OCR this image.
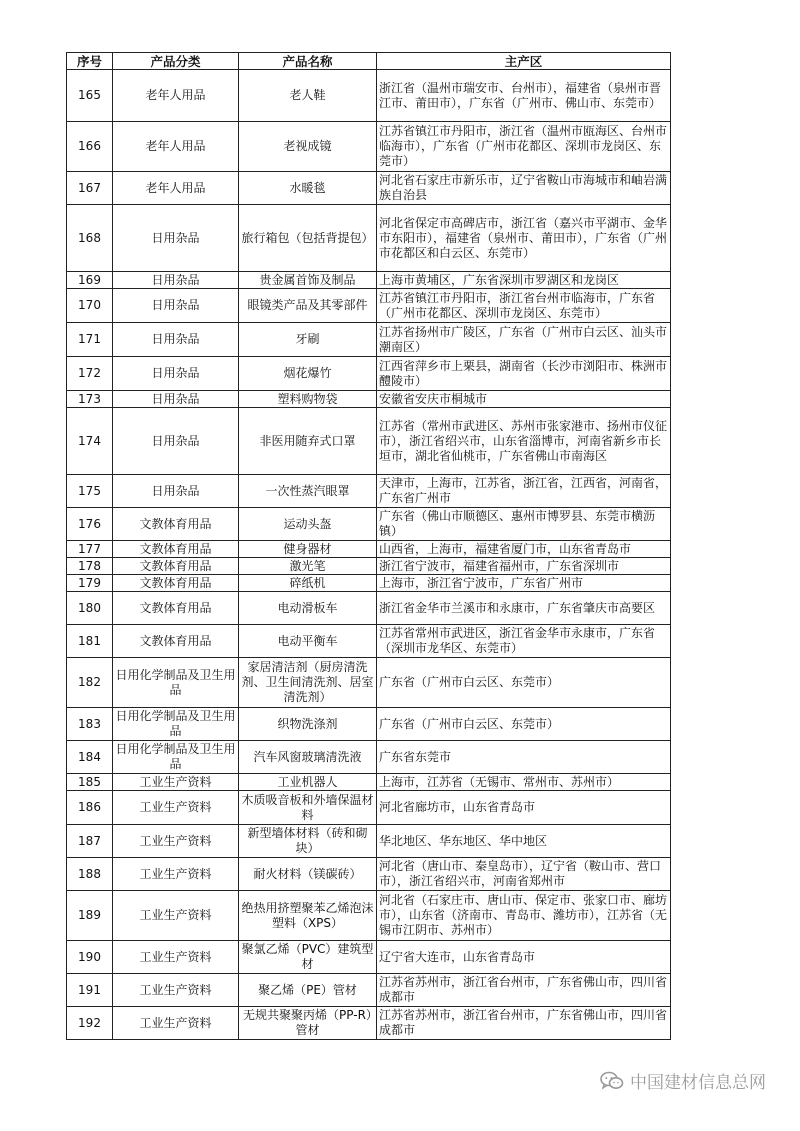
序号	产品分类	产品名称	主产区
165	老年人用品	老人鞋	浙江省（温州市瑞安市、台州市），福建省（泉州市晋江市、莆田市），广东省（广州市、佛山市、东莞市）
166	老年人用品	老视成镜	江苏省镇江市丹阳市，浙江省（温州市瓯海区、台州市临海市），广东省（广州市花都区、深圳市龙岗区、东莞市）
167	老年人用品	水暖毯	河北省石家庄市新乐市，辽宁省鞍山市海城市和岫岩满族自治县
168	日用杂品	旅行箱包（包括背提包）	河北省保定市高碑店市，浙江省（嘉兴市平湖市、金华市东阳市），福建省（泉州市、莆田市），广东省（广州市花都区和白云区、东莞市）
169	日用杂品	贵金属首饰及制品	上海市黄埔区，广东省深圳市罗湖区和龙岗区
170	日用杂品	眼镜类产品及其零部件	江苏省镇江市丹阳市，浙江省台州市临海市，广东省（广州市花都区、深圳市龙岗区、东莞市）
171	日用杂品	牙刷	江苏省扬州市广陵区，广东省（广州市白云区、汕头市潮南区）
172	日用杂品	烟花爆竹	江西省萍乡市上栗县，湖南省（长沙市浏阳市、株洲市醴陵市）
173	日用杂品	塑料购物袋	安徽省安庆市桐城市
174	日用杂品	非医用随弃式口罩	江苏省（常州市武进区、苏州市张家港市、扬州市仪征市），浙江省绍兴市，山东省淄博市，河南省新乡市长垣市，湖北省仙桃市，广东省佛山市南海区
175	日用杂品	一次性蒸汽眼罩	天津市，上海市，江苏省，浙江省，江西省，河南省，广东省广州市
176	文教体育用品	运动头盔	广东省（佛山市顺德区、惠州市博罗县、东莞市横沥镇）
177	文教体育用品	健身器材	山西省，上海市，福建省厦门市，山东省青岛市
178	文教体育用品	激光笔	浙江省宁波市，福建省福州市，广东省深圳市
179	文教体育用品	碎纸机	上海市，浙江省宁波市，广东省广州市
180	文教体育用品	电动滑板车	浙江省金华市兰溪市和永康市，广东省肇庆市高要区
181	文教体育用品	电动平衡车	江苏省常州市武进区，浙江省金华市永康市，广东省（深圳市龙华区、东莞市）
182	日用化学制品及卫生用品	家居清洁剂（厨房清洗剂、卫生间清洗剂、居室清洗剂）	广东省（广州市白云区、东莞市）
183	日用化学制品及卫生用品	织物洗涤剂	广东省（广州市白云区、东莞市）
184	日用化学制品及卫生用品	汽车风窗玻璃清洗液	广东省东莞市
185	工业生产资料	工业机器人	上海市，江苏省（无锡市、常州市、苏州市）
186	工业生产资料	木质吸音板和外墙保温材料	河北省廊坊市，山东省青岛市
187	工业生产资料	新型墙体材料（砖和砌块）	华北地区、华东地区、华中地区
188	工业生产资料	耐火材料（镁碳砖）	河北省（唐山市、秦皇岛市），辽宁省（鞍山市、营口市），浙江省绍兴市，河南省郑州市
189	工业生产资料	绝热用挤塑聚苯乙烯泡沫塑料（XPS）	河北省（石家庄市、唐山市、保定市、张家口市、廊坊市），山东省（济南市、青岛市、潍坊市），江苏省（无锡市江阴市、苏州市）
190	工业生产资料	聚氯乙烯（PVC）建筑型材	辽宁省大连市，山东省青岛市
191	工业生产资料	聚乙烯（PE）管材	江苏省苏州市，浙江省台州市，广东省佛山市，四川省成都市
192	工业生产资料	无规共聚聚丙烯（PP-R）管材	江苏省苏州市，浙江省台州市，广东省佛山市，四川省成都市
中国建材信息总网
